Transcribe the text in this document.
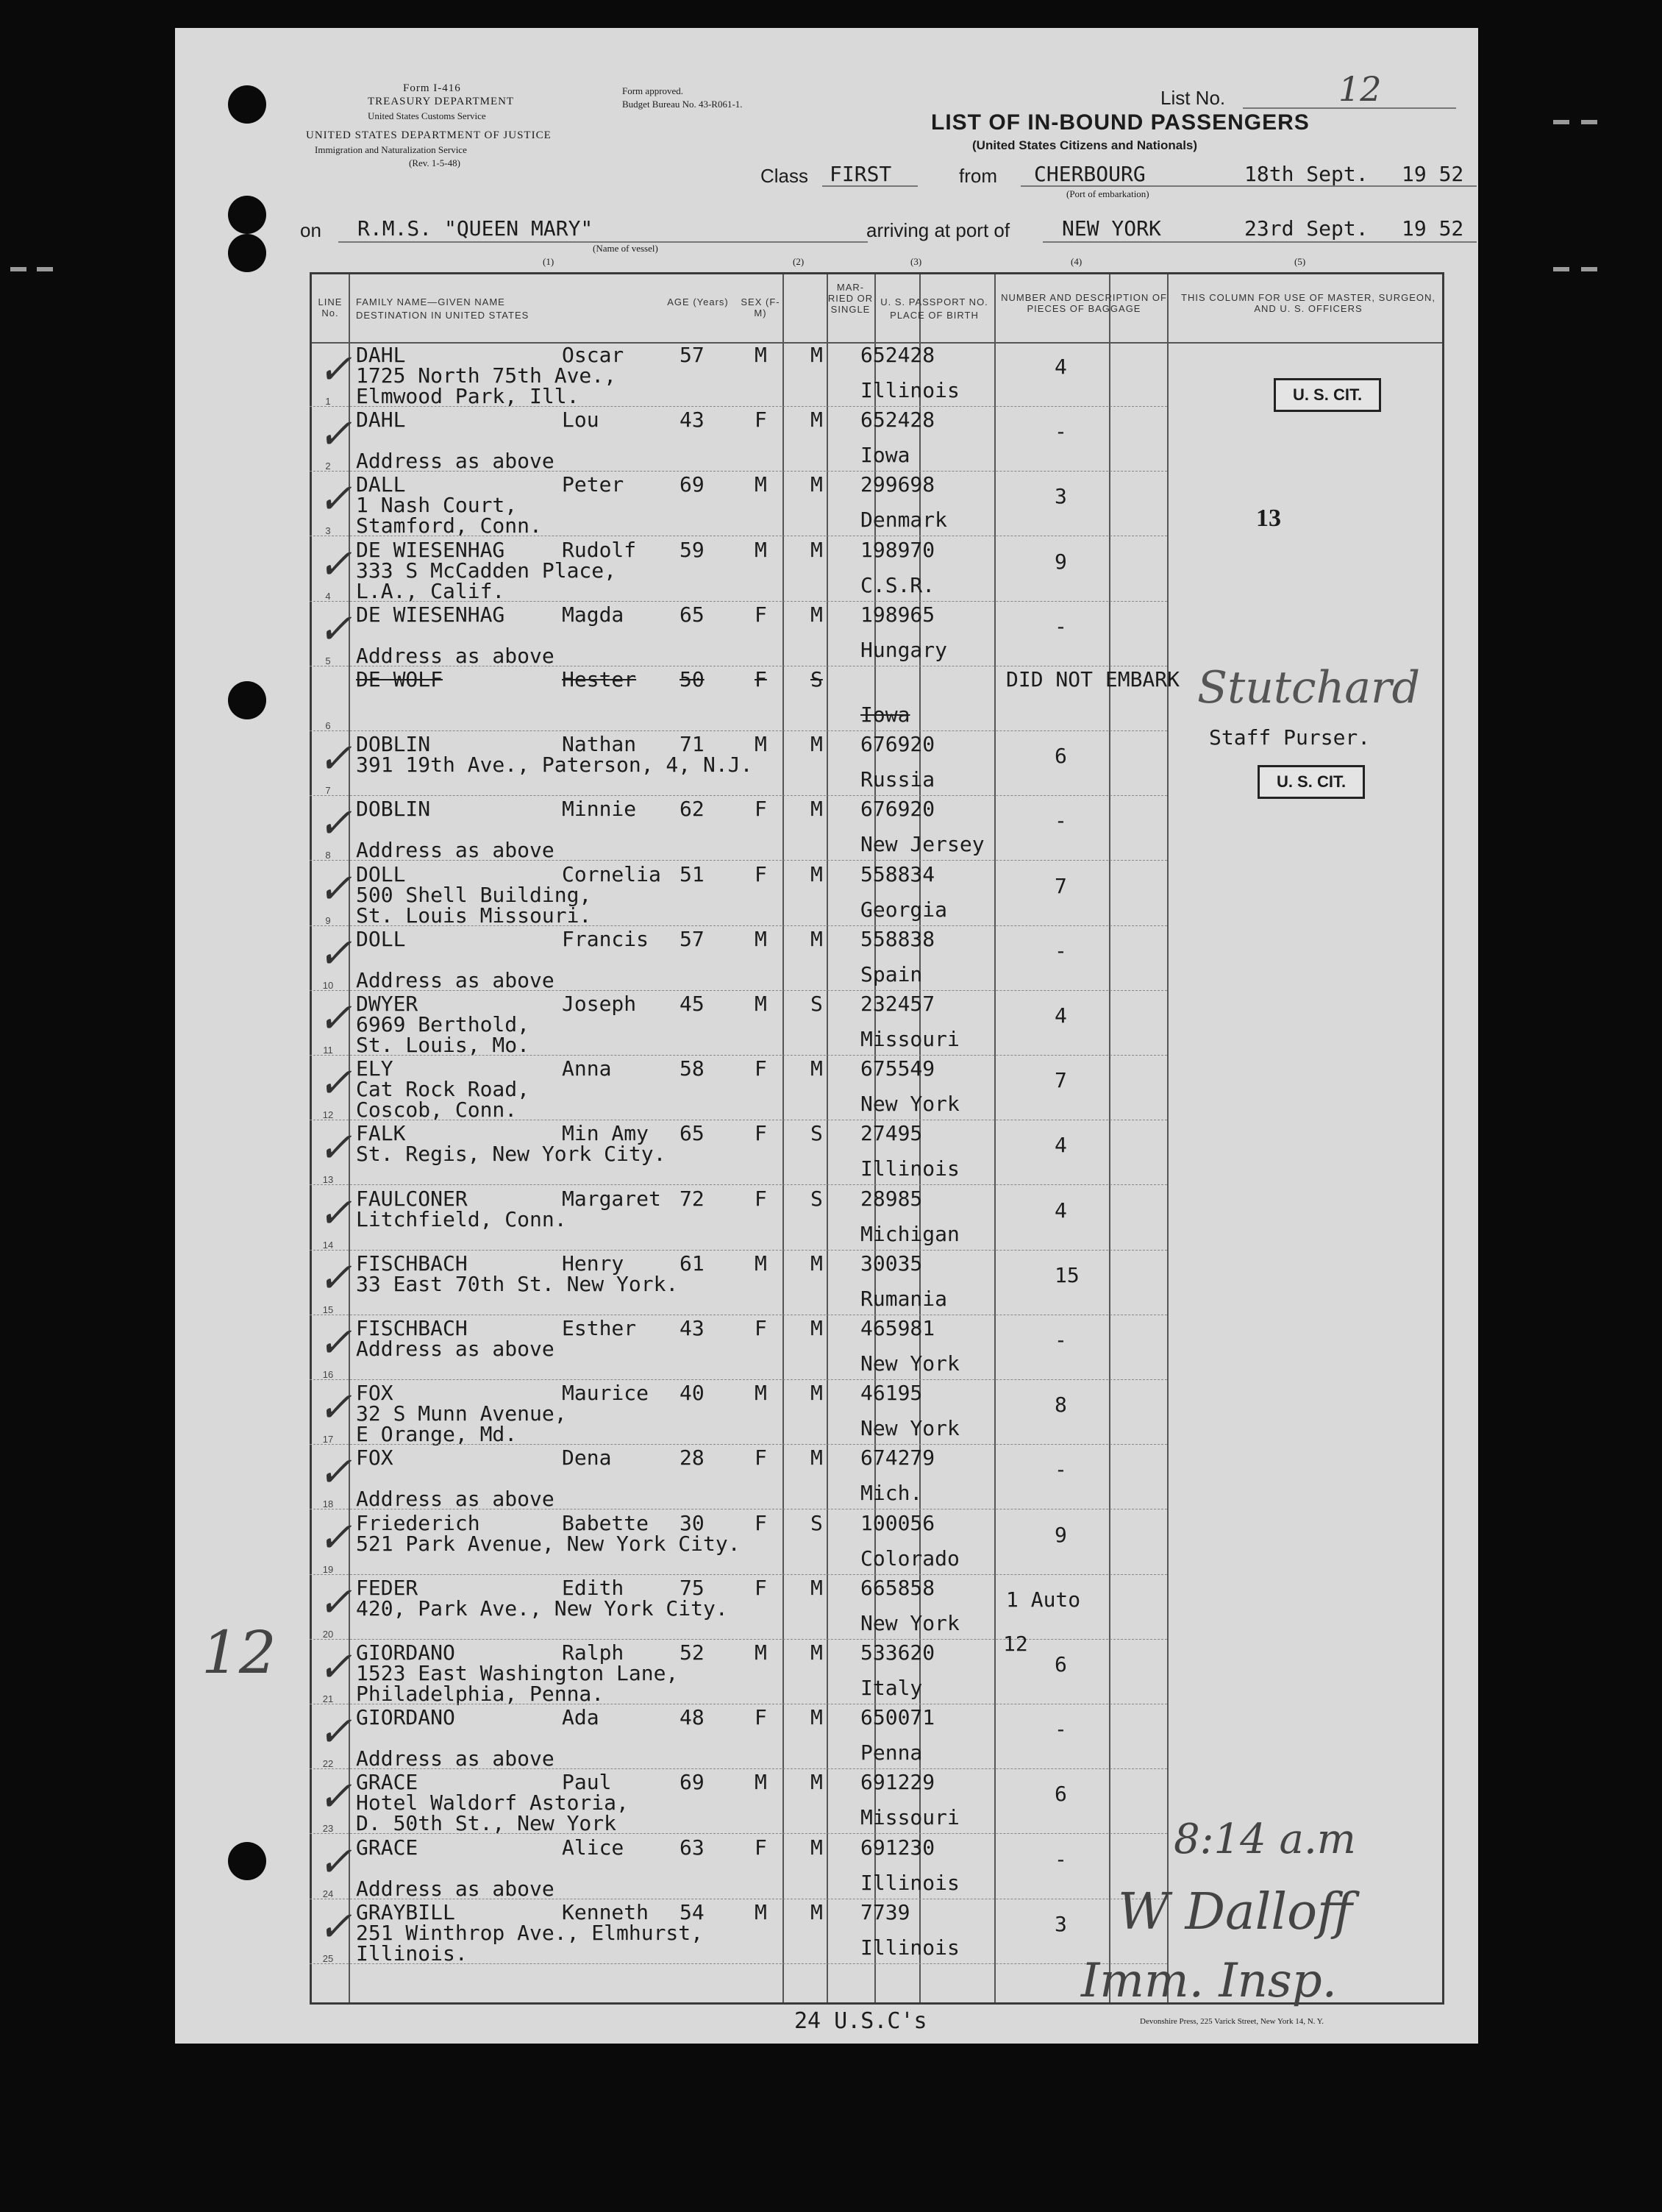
Form I-416
TREASURY DEPARTMENT
United States Customs Service
UNITED STATES DEPARTMENT OF JUSTICE
Immigration and Naturalization Service
(Rev. 1-5-48)
Form approved.
Budget Bureau No. 43-R061-1.	List No.	12
LIST OF IN-BOUND PASSENGERS
(United States Citizens and Nationals)
Class FIRST	from CHERBOURG
(Port of embarkation)
18th Sept. 19 52
on R.M.S. "QUEEN MARY"
(Name of vessel)
arriving at port of	NEW YORK	23rd Sept. 19 52
(1)	(2)	(3)	(4)	(5)
LINE No.
FAMILY NAME—GIVEN NAME
DESTINATION IN UNITED STATES
AGE (Years) SEX (F-M)
MAR- RIED OR SINGLE
U. S. PASSPORT NO.
PLACE OF BIRTH
NUMBER AND DESCRIPTION OF PIECES OF BAGGAGE
THIS COLUMN FOR USE OF MASTER, SURGEON, AND U. S. OFFICERS
1
DAHL	Oscar
1725 North 75th Ave.,
Elmwood Park, Ill.
57 M M 652428
Illinois
4
✓
2
DAHL	Lou
Address as above
43 F M 652428
Iowa
-
✓
3
DALL	Peter
1 Nash Court,
Stamford, Conn.
69 M M 299698
Denmark
3
✓
4
DE WIESENHAG	Rudolf
333 S McCadden Place,
L.A., Calif.
59 M M 198970
C.S.R.
9
✓
5
DE WIESENHAG	Magda
Address as above
65 F M 198965
Hungary
-
✓
6
DE WOLF	Hester 50 F S
Iowa
DID NOT EMBARK
7
DOBLIN	Nathan
391 19th Ave., Paterson, 4, N.J.
71 M M 676920
Russia
6
✓
8
DOBLIN	Minnie
Address as above
62 F M 676920
New Jersey
-
✓
9
DOLL	Cornelia
500 Shell Building,
St. Louis Missouri.
51 F M 558834
Georgia
7
✓
10
DOLL	Francis
Address as above
57 M M 558838
Spain
-
✓
11
DWYER	Joseph
6969 Berthold,
St. Louis, Mo.
45 M S 232457
Missouri
4
✓
12
ELY	Anna
Cat Rock Road,
Coscob, Conn.
58 F M 675549
New York
7
✓
13
FALK	Min Amy
St. Regis, New York City.
65 F S 27495
Illinois
4
✓
14
FAULCONER	Margaret
Litchfield, Conn.
72 F S 28985
Michigan
4
✓
15
FISCHBACH	Henry
33 East 70th St. New York.
61 M M 30035
Rumania
15
✓
16
FISCHBACH	Esther
Address as above
43 F M 465981
New York
-
✓
17
FOX	Maurice
32 S Munn Avenue,
E Orange, Md.
40 M M 46195
New York
8
✓
18
FOX	Dena
Address as above
28 F M 674279
Mich.
-
✓
19
Friederich	Babette
521 Park Avenue, New York City.
30 F S 100056
Colorado
9
✓
20
FEDER	Edith
420, Park Ave., New York City.
75 F M 665858
New York
1 Auto
✓
21
GIORDANO	Ralph
1523 East Washington Lane,
Philadelphia, Penna.
52 M M 533620
Italy
6
✓
22
GIORDANO	Ada
Address as above
48 F M 650071
Penna
-
✓
23
GRACE	Paul
Hotel Waldorf Astoria,
D. 50th St., New York
69 M M 691229
Missouri
6
✓
24
GRACE	Alice
Address as above
63 F M 691230
Illinois
-
✓
25
GRAYBILL	Kenneth
251 Winthrop Ave., Elmhurst,
Illinois.
54 M M 7739
Illinois
3
✓
U. S. CIT.
U. S. CIT.
Staff Purser.
13
8:14 a.m
W Dalloff
Imm. Insp.
Stutchard
12
24 U.S.C's	Devonshire Press, 225 Varick Street, New York 14, N. Y.
12
